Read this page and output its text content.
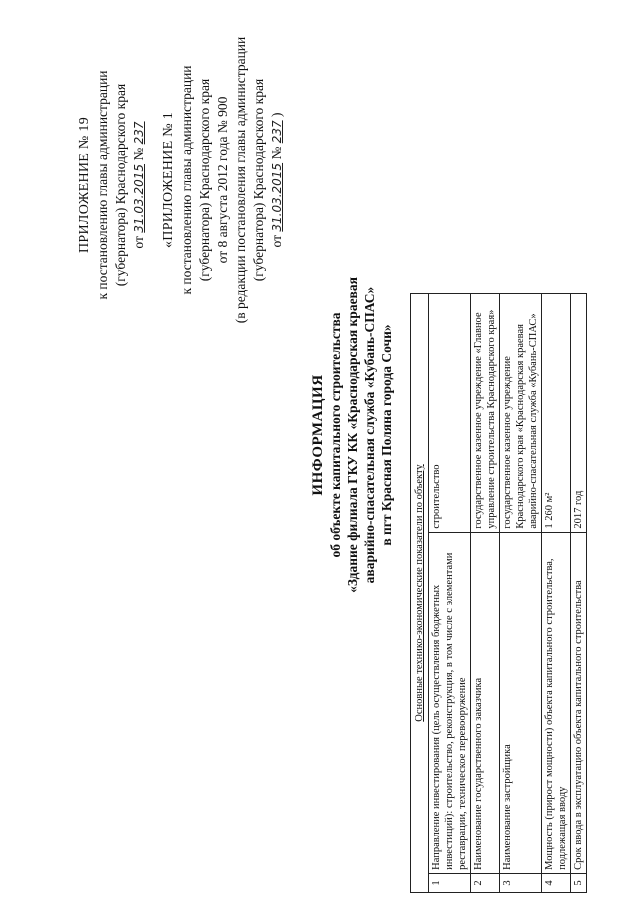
ПРИЛОЖЕНИЕ № 19 к постановлению главы администрации (губернатора) Краснодарского края от 31.03.2015 № 237 «ПРИЛОЖЕНИЕ № 1 к постановлению главы администрации (губернатора) Краснодарского края от 8 августа 2012 года № 900 (в редакции постановления главы администрации (губернатора) Краснодарского края от 31.03.2015 № 237 )
ИНФОРМАЦИЯ об объекте капитального строительства «Здание филиала ГКУ КК «Краснодарская краевая аварийно-спасательная служба «Кубань-СПАС» в пгт Красная Поляна города Сочи»
Основные технико-экономические показатели по объекту		
1	Направление инвестирования (цель осуществления бюджетных инвестиций): строительство, реконструкция, в том числе с элементами реставрации, техническое перевооружение	строительство
2	Наименование государственного заказчика	государственное казенное учреждение «Главное управление строительства Краснодарского края»
3	Наименование застройщика	государственное казенное учреждение Краснодарского края «Краснодарская краевая аварийно-спасательная служба «Кубань-СПАС»
4	Мощность (прирост мощности) объекта капитального строительства, подлежащая вводу	1 260 м²
5	Срок ввода в эксплуатацию объекта капитального строительства	2017 год
